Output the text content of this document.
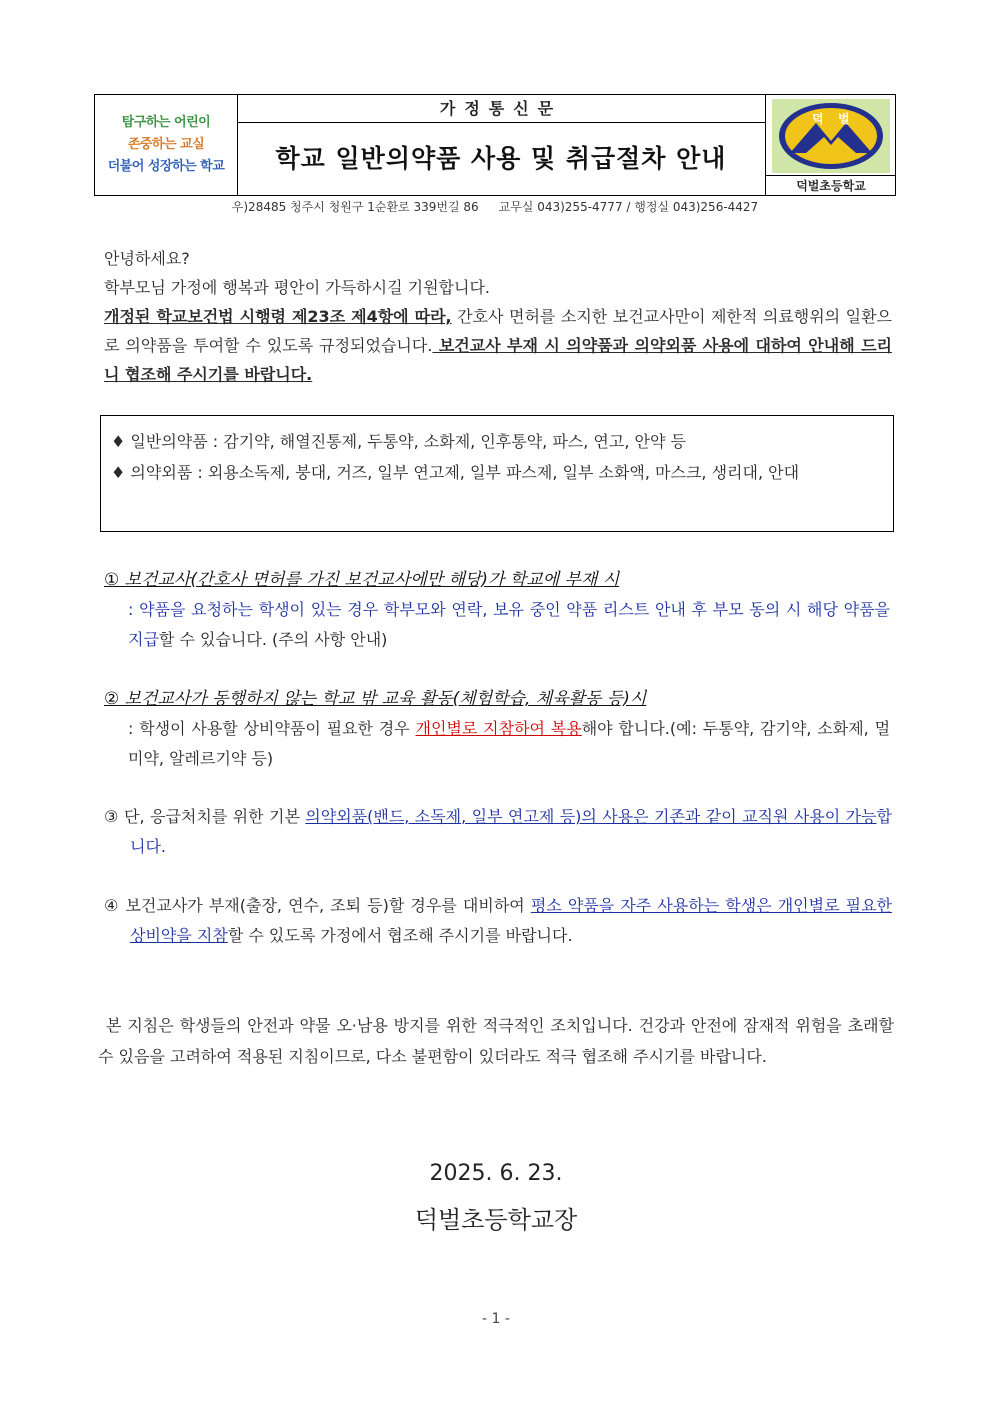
탐구하는 어린이
존중하는 교실
더불어 성장하는 학교
가정통신문
학교 일반의약품 사용 및 취급절차 안내
덕 벌
덕벌초등학교
우)28485 청주시 청원구 1순환로 339번길 86 교무실 043)255-4777 / 행정실 043)256-4427
안녕하세요?
학부모님 가정에 행복과 평안이 가득하시길 기원합니다.
개정된 학교보건법 시행령 제23조 제4항에 따라, 간호사 면허를 소지한 보건교사만이 제한적 의료행위의 일환으로 의약품을 투여할 수 있도록 규정되었습니다. 보건교사 부재 시 의약품과 의약외품 사용에 대하여 안내해 드리니 협조해 주시기를 바랍니다.
♦ 일반의약품 : 감기약, 해열진통제, 두통약, 소화제, 인후통약, 파스, 연고, 안약 등
♦ 의약외품 : 외용소독제, 붕대, 거즈, 일부 연고제, 일부 파스제, 일부 소화액, 마스크, 생리대, 안대
① 보건교사(간호사 면허를 가진 보건교사에만 해당)가 학교에 부재 시
: 약품을 요청하는 학생이 있는 경우 학부모와 연락, 보유 중인 약품 리스트 안내 후 부모 동의 시 해당 약품을 지급할 수 있습니다. (주의 사항 안내)
② 보건교사가 동행하지 않는 학교 밖 교육 활동(체험학습, 체육활동 등)시
: 학생이 사용할 상비약품이 필요한 경우 개인별로 지참하여 복용해야 합니다.(예: 두통약, 감기약, 소화제, 멀미약, 알레르기약 등)
③ 단, 응급처치를 위한 기본 의약외품(밴드, 소독제, 일부 연고제 등)의 사용은 기존과 같이 교직원 사용이 가능합니다.
④ 보건교사가 부재(출장, 연수, 조퇴 등)할 경우를 대비하여 평소 약품을 자주 사용하는 학생은 개인별로 필요한 상비약을 지참할 수 있도록 가정에서 협조해 주시기를 바랍니다.
본 지침은 학생들의 안전과 약물 오·남용 방지를 위한 적극적인 조치입니다. 건강과 안전에 잠재적 위험을 초래할 수 있음을 고려하여 적용된 지침이므로, 다소 불편함이 있더라도 적극 협조해 주시기를 바랍니다.
2025. 6. 23.
덕벌초등학교장
- 1 -
